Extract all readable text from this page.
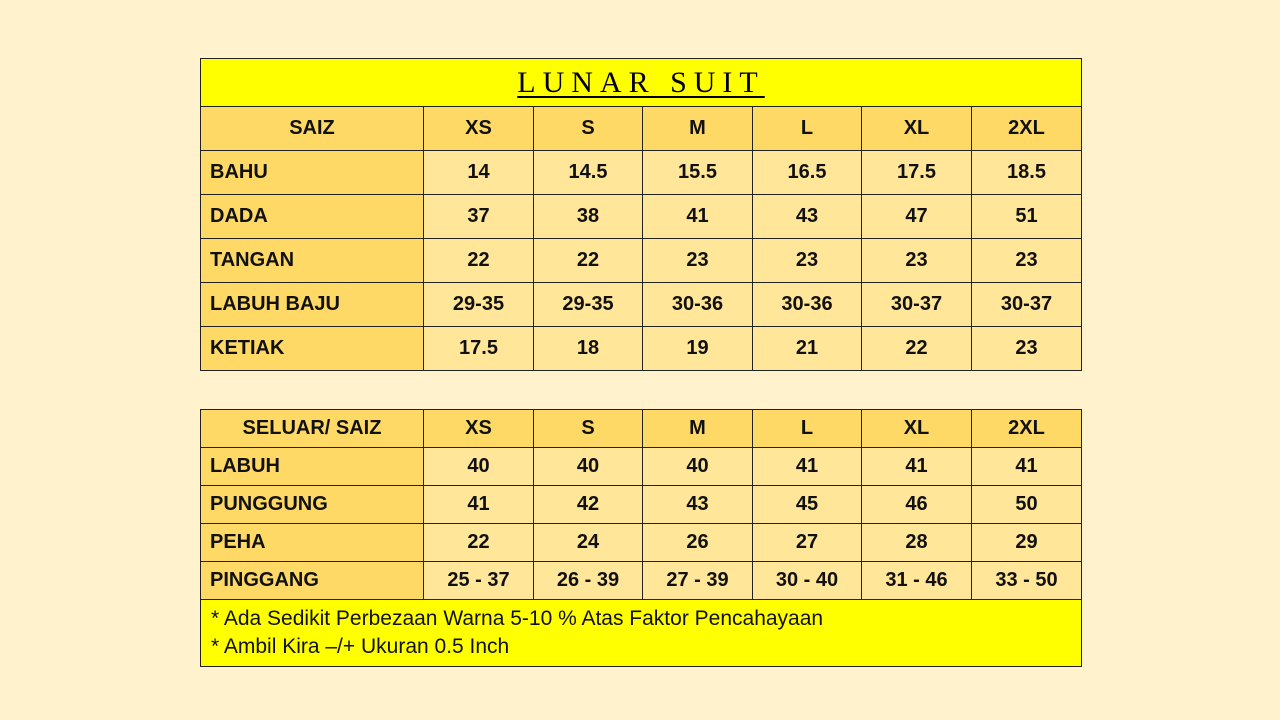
LUNAR SUIT						
SAIZ	XS	S	M	L	XL	2XL
BAHU	14	14.5	15.5	16.5	17.5	18.5
DADA	37	38	41	43	47	51
TANGAN	22	22	23	23	23	23
LABUH BAJU	29-35	29-35	30-36	30-36	30-37	30-37
KETIAK	17.5	18	19	21	22	23
SELUAR/ SAIZ	XS	S	M	L	XL	2XL
LABUH	40	40	40	41	41	41
PUNGGUNG	41	42	43	45	46	50
PEHA	22	24	26	27	28	29
PINGGANG	25 - 37	26 - 39	27 - 39	30 - 40	31 - 46	33 - 50

* Ada Sedikit Perbezaan Warna 5-10 % Atas Faktor Pencahayaan
* Ambil Kira –/+ Ukuran 0.5 Inch						
